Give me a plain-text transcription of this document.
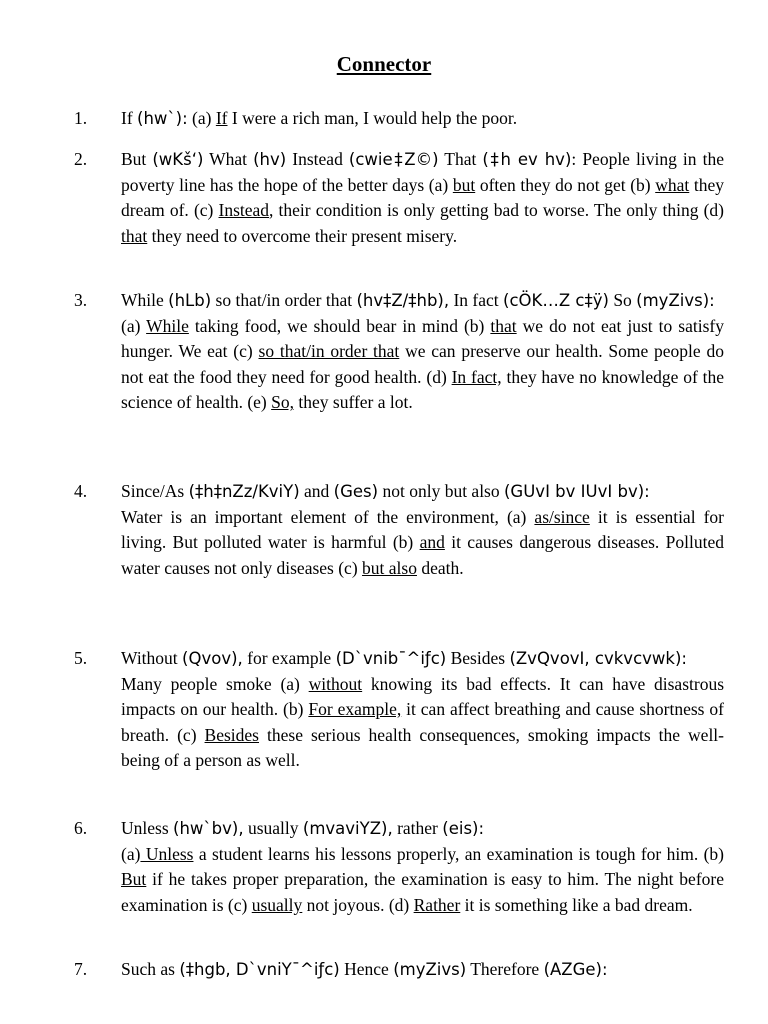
Connector
1.	If (hw`): (a) If I were a rich man, I would help the poor.
2.	But (wKš‘) What (hv) Instead (cwie‡Z©) That (‡h ev hv): People living in the poverty line has the hope of the better days (a) but often they do not get (b) what they dream of. (c) Instead, their condition is only getting bad to worse. The only thing (d) that they need to overcome their present misery.
3.	While (hLb) so that/in order that (hv‡Z/‡hb), In fact (cÖK…Z c‡ÿ) So (myZivs):
(a) While taking food, we should bear in mind (b) that we do not eat just to satisfy hunger. We eat (c) so that/in order that we can preserve our health. Some people do not eat the food they need for good health. (d) In fact, they have no knowledge of the science of health. (e) So, they suffer a lot.
4.	Since/As (‡h‡nZz/KviY) and (Ges) not only but also (GUvI bv IUvI bv):
Water is an important element of the environment, (a) as/since it is essential for living. But polluted water is harmful (b) and it causes dangerous diseases. Polluted water causes not only diseases (c) but also death.
5.	Without (Qvov), for example (D`vnib¯^iƒc) Besides (ZvQvovI, cvkvcvwk):
Many people smoke (a) without knowing its bad effects. It can have disastrous impacts on our health. (b) For example, it can affect breathing and cause shortness of breath. (c) Besides these serious health consequences, smoking impacts the well-being of a person as well.
6.	Unless (hw`bv), usually (mvaviYZ), rather (eis):
(a) Unless a student learns his lessons properly, an examination is tough for him. (b) But if he takes proper preparation, the examination is easy to him. The night before examination is (c) usually not joyous. (d) Rather it is something like a bad dream.
7.	Such as (‡hgb, D`vniY¯^iƒc) Hence (myZivs) Therefore (AZGe):
